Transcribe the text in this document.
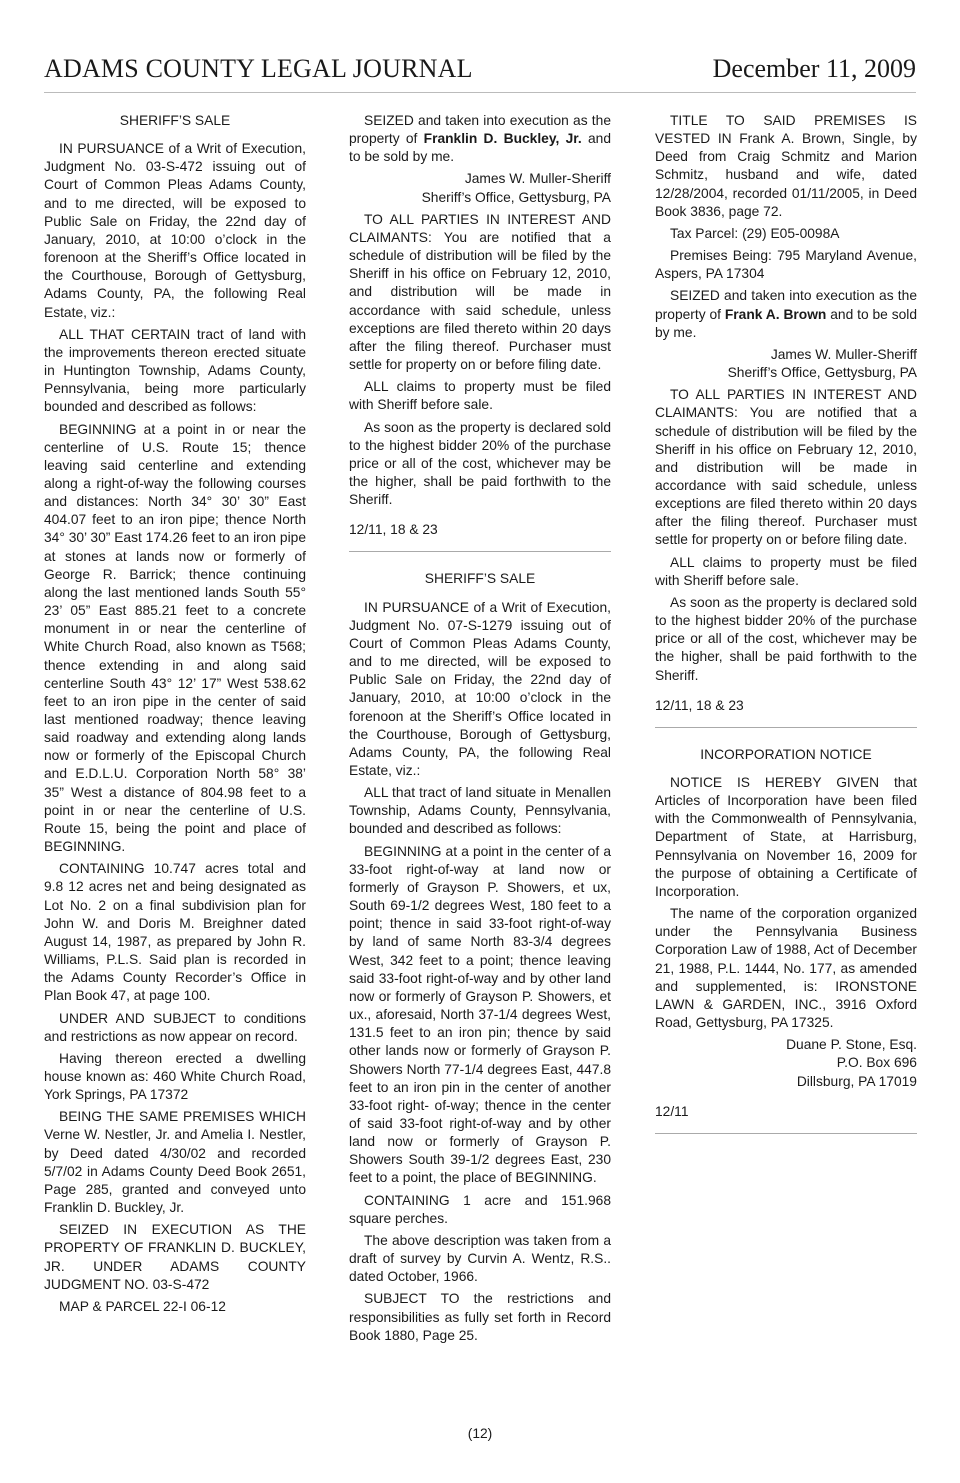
ADAMS COUNTY LEGAL JOURNAL	December 11, 2009

SHERIFF’S SALE

IN PURSUANCE of a Writ of Execution, Judgment No. 03-S-472 issuing out of Court of Common Pleas Adams County, and to me directed, will be exposed to Public Sale on Friday, the 22nd day of January, 2010, at 10:00 o’clock in the forenoon at the Sheriff’s Office located in the Courthouse, Borough of Gettysburg, Adams County, PA, the following Real Estate, viz.:

ALL THAT CERTAIN tract of land with the improvements thereon erected situate in Huntington Township, Adams County, Pennsylvania, being more particularly bounded and described as follows:

BEGINNING at a point in or near the centerline of U.S. Route 15; thence leaving said centerline and extending along a right-of-way the following courses and distances: North 34° 30’ 30” East 404.07 feet to an iron pipe; thence North 34° 30’ 30” East 174.26 feet to an iron pipe at stones at lands now or formerly of George R. Barrick; thence continuing along the last mentioned lands South 55° 23’ 05” East 885.21 feet to a concrete monument in or near the centerline of White Church Road, also known as T568; thence extending in and along said centerline South 43° 12’ 17” West 538.62 feet to an iron pipe in the center of said last mentioned roadway; thence leaving said roadway and extending along lands now or formerly of the Episcopal Church and E.D.L.U. Corporation North 58° 38’ 35” West a distance of 804.98 feet to a point in or near the centerline of U.S. Route 15, being the point and place of BEGINNING.

CONTAINING 10.747 acres total and 9.8 12 acres net and being designated as Lot No. 2 on a final subdivision plan for John W. and Doris M. Breighner dated August 14, 1987, as prepared by John R. Williams, P.L.S. Said plan is recorded in the Adams County Recorder’s Office in Plan Book 47, at page 100.

UNDER AND SUBJECT to conditions and restrictions as now appear on record.

Having thereon erected a dwelling house known as: 460 White Church Road, York Springs, PA 17372

BEING THE SAME PREMISES WHICH Verne W. Nestler, Jr. and Amelia I. Nestler, by Deed dated 4/30/02 and recorded 5/7/02 in Adams County Deed Book 2651, Page 285, granted and conveyed unto Franklin D. Buckley, Jr.

SEIZED IN EXECUTION AS THE PROPERTY OF FRANKLIN D. BUCKLEY, JR. UNDER ADAMS COUNTY JUDGMENT NO. 03-S-472

MAP & PARCEL 22-I 06-12

SEIZED and taken into execution as the property of Franklin D. Buckley, Jr. and to be sold by me.

James W. Muller-Sheriff

Sheriff’s Office, Gettysburg, PA

TO ALL PARTIES IN INTEREST AND CLAIMANTS: You are notified that a schedule of distribution will be filed by the Sheriff in his office on February 12, 2010, and distribution will be made in accordance with said schedule, unless exceptions are filed thereto within 20 days after the filing thereof. Purchaser must settle for property on or before filing date.

ALL claims to property must be filed with Sheriff before sale.

As soon as the property is declared sold to the highest bidder 20% of the purchase price or all of the cost, whichever may be the higher, shall be paid forthwith to the Sheriff.

12/11, 18 & 23

SHERIFF’S SALE

IN PURSUANCE of a Writ of Execution, Judgment No. 07-S-1279 issuing out of Court of Common Pleas Adams County, and to me directed, will be exposed to Public Sale on Friday, the 22nd day of January, 2010, at 10:00 o’clock in the forenoon at the Sheriff’s Office located in the Courthouse, Borough of Gettysburg, Adams County, PA, the following Real Estate, viz.:

ALL that tract of land situate in Menallen Township, Adams County, Pennsylvania, bounded and described as follows:

BEGINNING at a point in the center of a 33-foot right-of-way at land now or formerly of Grayson P. Showers, et ux, South 69-1/2 degrees West, 180 feet to a point; thence in said 33-foot right-of-way by land of same North 83-3/4 degrees West, 342 feet to a point; thence leaving said 33-foot right-of-way and by other land now or formerly of Grayson P. Showers, et ux., aforesaid, North 37-1/4 degrees West, 131.5 feet to an iron pin; thence by said other lands now or formerly of Grayson P. Showers North 77-1/4 degrees East, 447.8 feet to an iron pin in the center of another 33-foot right- of-way; thence in the center of said 33-foot right-of-way and by other land now or formerly of Grayson P. Showers South 39-1/2 degrees East, 230 feet to a point, the place of BEGINNING.

CONTAINING 1 acre and 151.968 square perches.

The above description was taken from a draft of survey by Curvin A. Wentz, R.S.. dated October, 1966.

SUBJECT TO the restrictions and responsibilities as fully set forth in Record Book 1880, Page 25.

TITLE TO SAID PREMISES IS VESTED IN Frank A. Brown, Single, by Deed from Craig Schmitz and Marion Schmitz, husband and wife, dated 12/28/2004, recorded 01/11/2005, in Deed Book 3836, page 72.

Tax Parcel: (29) E05-0098A

Premises Being: 795 Maryland Avenue, Aspers, PA 17304

SEIZED and taken into execution as the property of Frank A. Brown and to be sold by me.

James W. Muller-Sheriff

Sheriff’s Office, Gettysburg, PA

TO ALL PARTIES IN INTEREST AND CLAIMANTS: You are notified that a schedule of distribution will be filed by the Sheriff in his office on February 12, 2010, and distribution will be made in accordance with said schedule, unless exceptions are filed thereto within 20 days after the filing thereof. Purchaser must settle for property on or before filing date.

ALL claims to property must be filed with Sheriff before sale.

As soon as the property is declared sold to the highest bidder 20% of the purchase price or all of the cost, whichever may be the higher, shall be paid forthwith to the Sheriff.

12/11, 18 & 23

INCORPORATION NOTICE

NOTICE IS HEREBY GIVEN that Articles of Incorporation have been filed with the Commonwealth of Pennsylvania, Department of State, at Harrisburg, Pennsylvania on November 16, 2009 for the purpose of obtaining a Certificate of Incorporation.

The name of the corporation organized under the Pennsylvania Business Corporation Law of 1988, Act of December 21, 1988, P.L. 1444, No. 177, as amended and supplemented, is: IRONSTONE LAWN & GARDEN, INC., 3916 Oxford Road, Gettysburg, PA 17325.

Duane P. Stone, Esq.

P.O. Box 696

Dillsburg, PA 17019

12/11

(12)
